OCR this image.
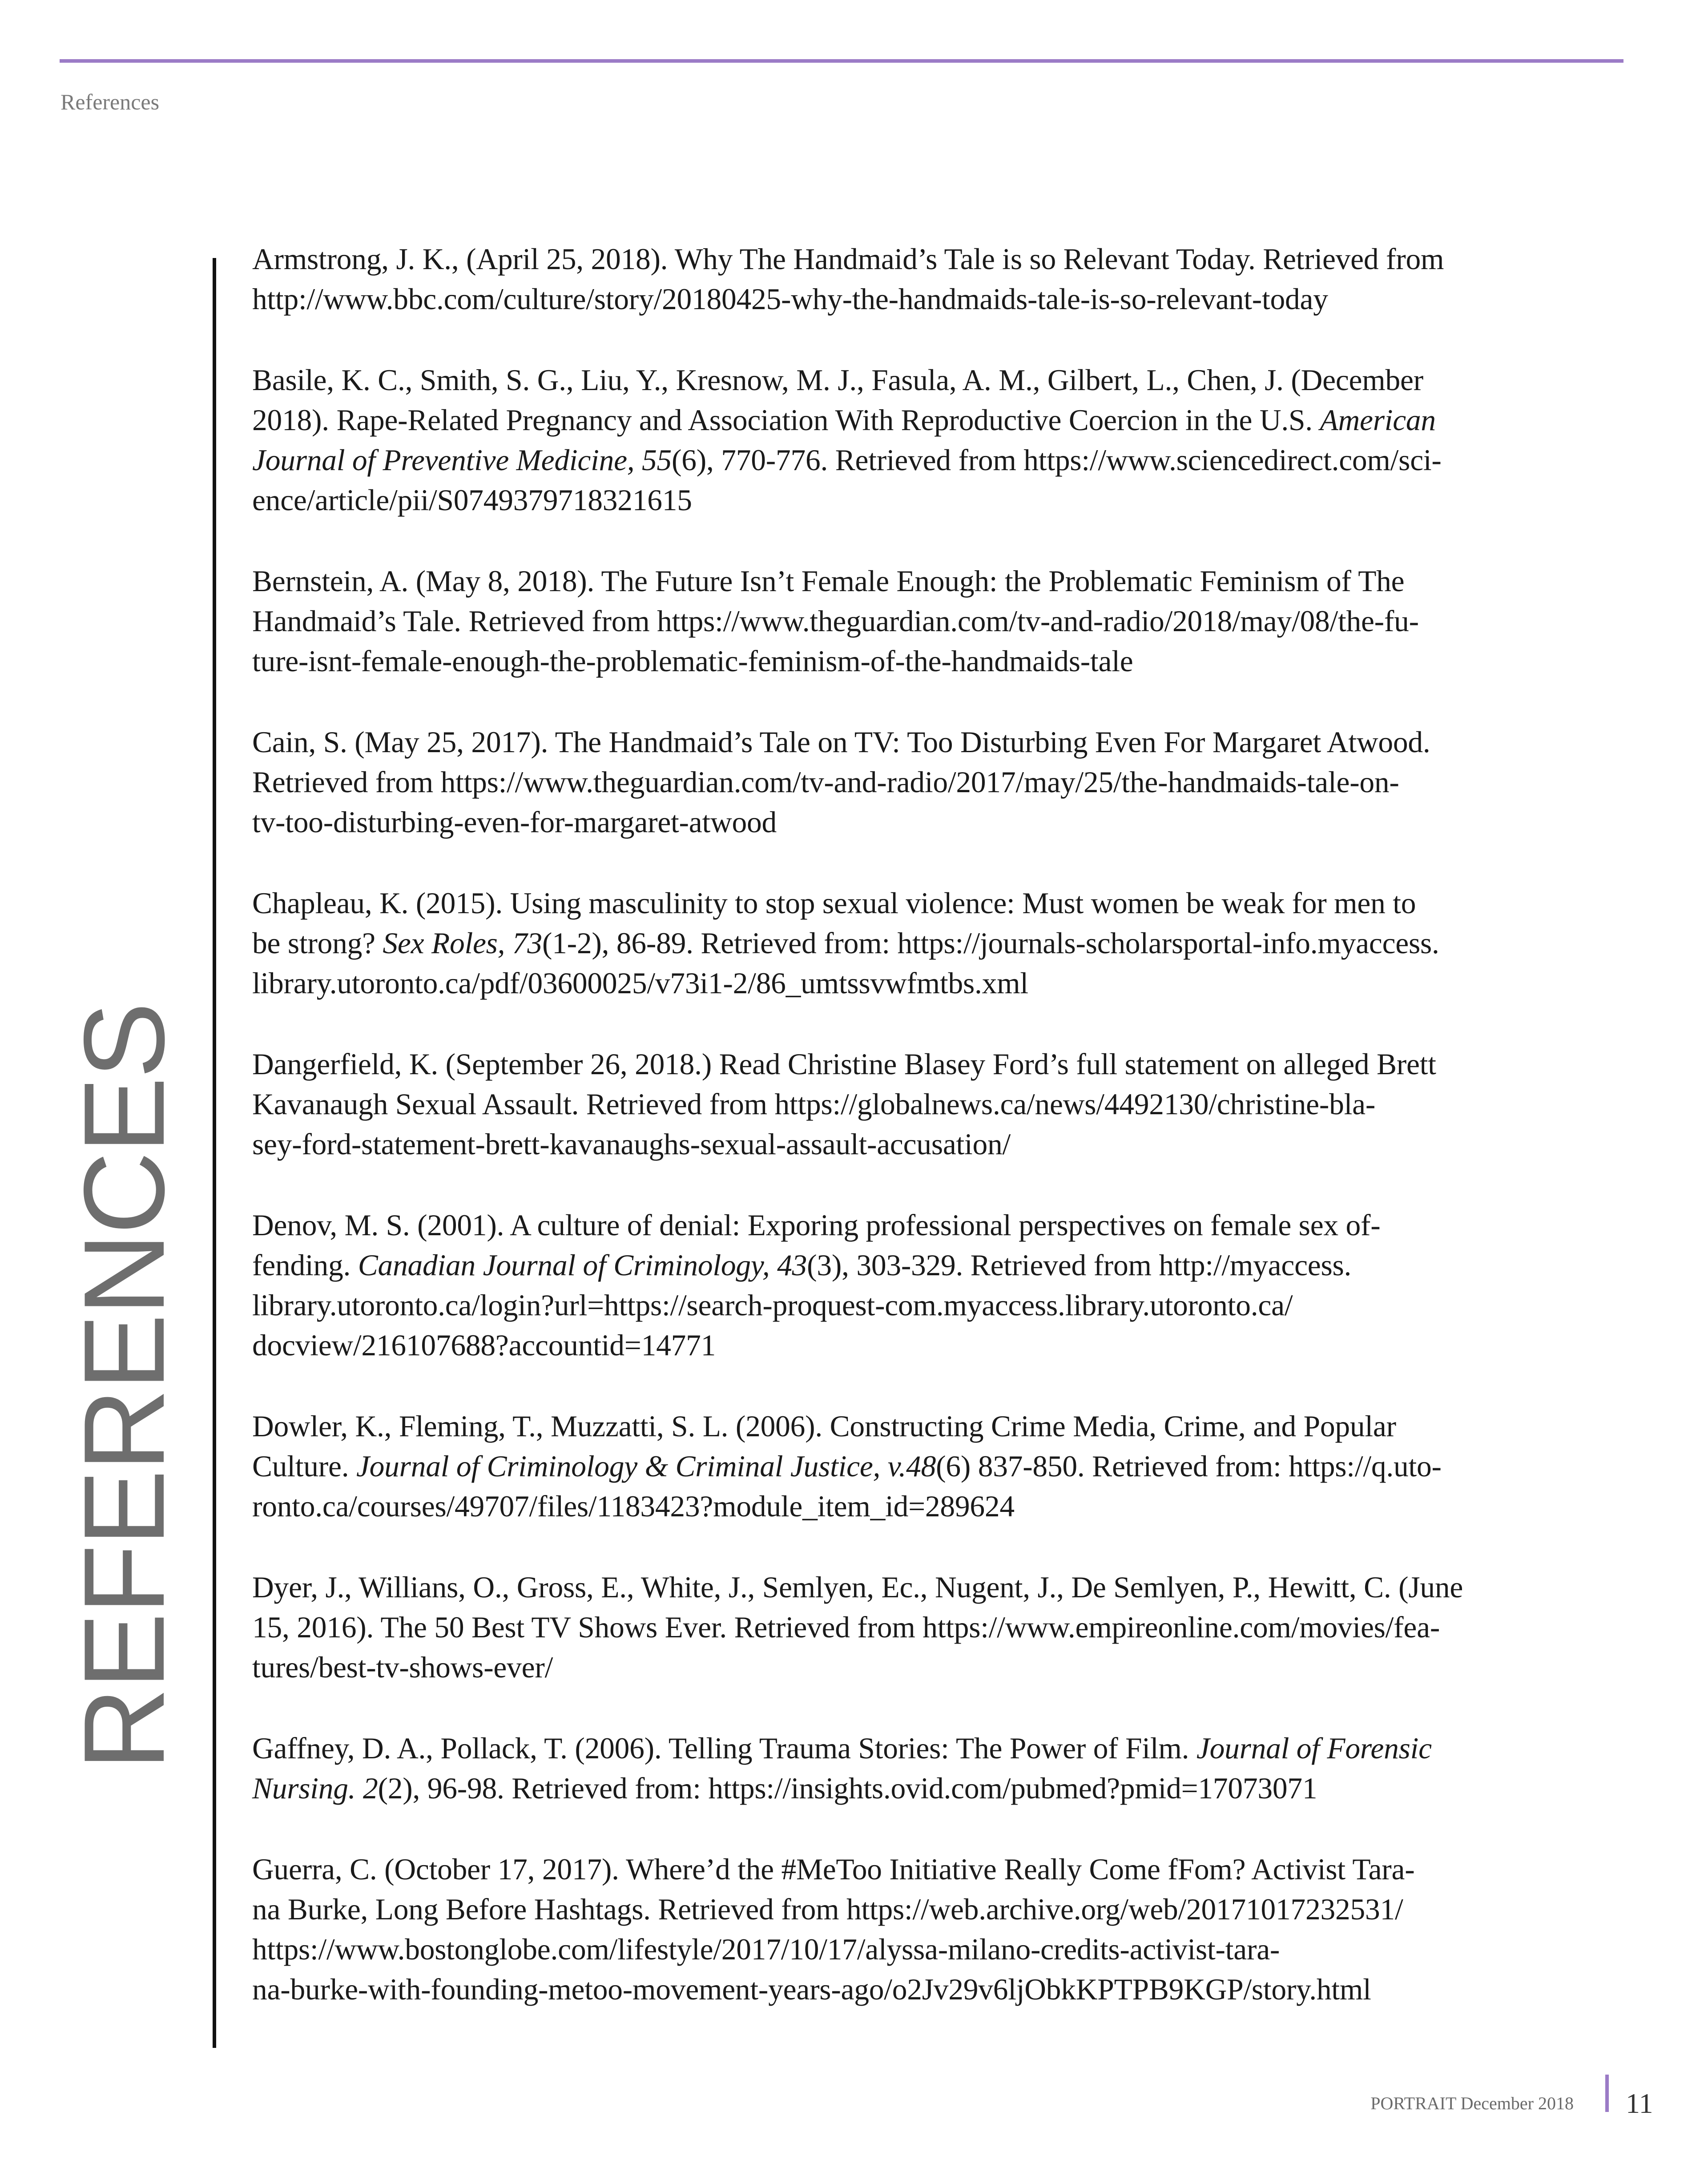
References
REFERENCES
Armstrong, J. K., (April 25, 2018). Why The Handmaid’s Tale is so Relevant Today. Retrieved from
http://www.bbc.com/culture/story/20180425-why-the-handmaids-tale-is-so-relevant-today
Basile, K. C., Smith, S. G., Liu, Y., Kresnow, M. J., Fasula, A. M., Gilbert, L., Chen, J. (December
2018). Rape-Related Pregnancy and Association With Reproductive Coercion in the U.S. American
Journal of Preventive Medicine, 55(6), 770-776. Retrieved from https://www.sciencedirect.com/sci-
ence/article/pii/S0749379718321615
Bernstein, A. (May 8, 2018). The Future Isn’t Female Enough: the Problematic Feminism of The
Handmaid’s Tale. Retrieved from https://www.theguardian.com/tv-and-radio/2018/may/08/the-fu-
ture-isnt-female-enough-the-problematic-feminism-of-the-handmaids-tale
Cain, S. (May 25, 2017). The Handmaid’s Tale on TV: Too Disturbing Even For Margaret Atwood.
Retrieved from https://www.theguardian.com/tv-and-radio/2017/may/25/the-handmaids-tale-on-
tv-too-disturbing-even-for-margaret-atwood
Chapleau, K. (2015). Using masculinity to stop sexual violence: Must women be weak for men to
be strong? Sex Roles, 73(1-2), 86-89. Retrieved from: https://journals-scholarsportal-info.myaccess.
library.utoronto.ca/pdf/03600025/v73i1-2/86_umtssvwfmtbs.xml
Dangerfield, K. (September 26, 2018.) Read Christine Blasey Ford’s full statement on alleged Brett
Kavanaugh Sexual Assault. Retrieved from https://globalnews.ca/news/4492130/christine-bla-
sey-ford-statement-brett-kavanaughs-sexual-assault-accusation/
Denov, M. S. (2001). A culture of denial: Exporing professional perspectives on female sex of-
fending. Canadian Journal of Criminology, 43(3), 303-329. Retrieved from http://myaccess.
library.utoronto.ca/login?url=https://search-proquest-com.myaccess.library.utoronto.ca/
docview/216107688?accountid=14771
Dowler, K., Fleming, T., Muzzatti, S. L. (2006). Constructing Crime Media, Crime, and Popular
Culture. Journal of Criminology & Criminal Justice, v.48(6) 837-850. Retrieved from: https://q.uto-
ronto.ca/courses/49707/files/1183423?module_item_id=289624
Dyer, J., Willians, O., Gross, E., White, J., Semlyen, Ec., Nugent, J., De Semlyen, P., Hewitt, C. (June
15, 2016). The 50 Best TV Shows Ever. Retrieved from https://www.empireonline.com/movies/fea-
tures/best-tv-shows-ever/
Gaffney, D. A., Pollack, T. (2006). Telling Trauma Stories: The Power of Film. Journal of Forensic
Nursing. 2(2), 96-98. Retrieved from: https://insights.ovid.com/pubmed?pmid=17073071
Guerra, C. (October 17, 2017). Where’d the #MeToo Initiative Really Come fFom? Activist Tara-
na Burke, Long Before Hashtags. Retrieved from https://web.archive.org/web/20171017232531/
https://www.bostonglobe.com/lifestyle/2017/10/17/alyssa-milano-credits-activist-tara-
na-burke-with-founding-metoo-movement-years-ago/o2Jv29v6ljObkKPTPB9KGP/story.html
PORTRAIT December 2018 11
